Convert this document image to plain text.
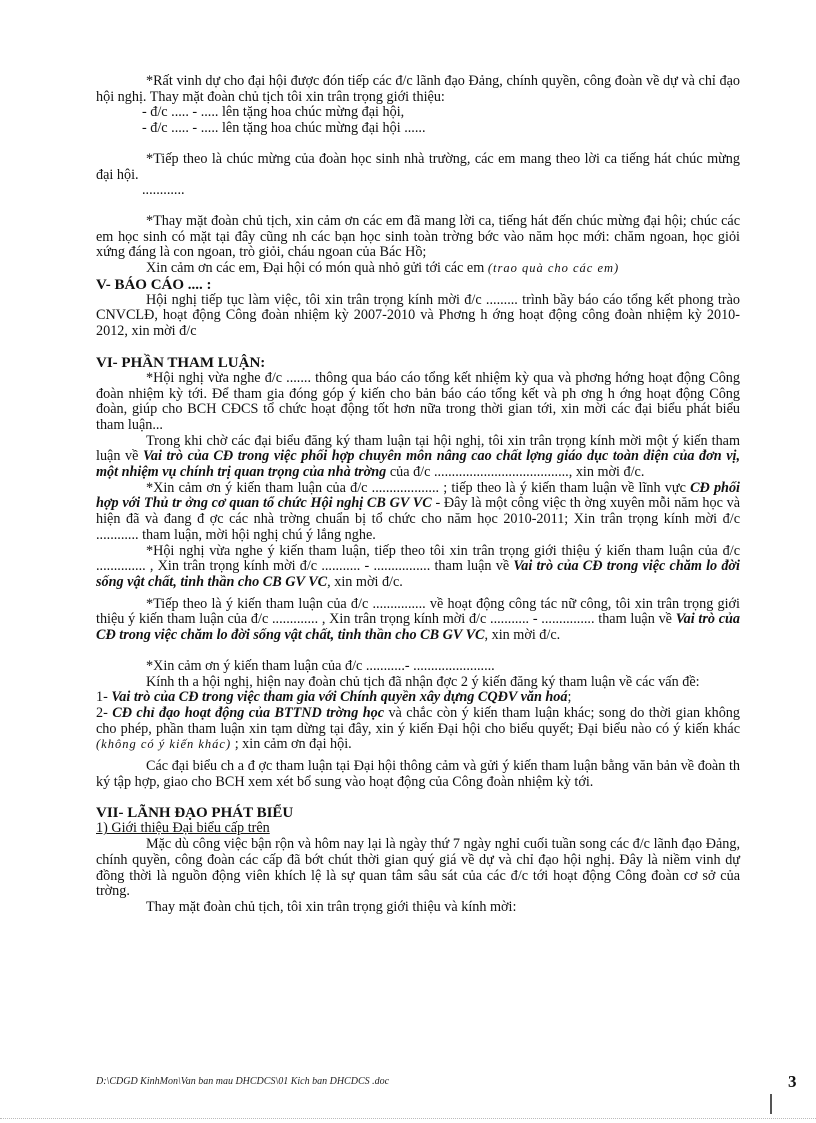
*Rất vinh dự cho đại hội được đón tiếp các đ/c lãnh đạo Đảng, chính quyền, công đoàn về dự và chỉ đạo hội nghị. Thay mặt đoàn chủ tịch tôi xin trân trọng giới thiệu:

- đ/c ..... - ..... lên tặng hoa chúc mừng đại hội,

- đ/c ..... - ..... lên tặng hoa chúc mừng đại hội ......

*Tiếp theo là chúc mừng của đoàn học sinh nhà trường, các em mang theo lời ca tiếng hát chúc mừng đại hội.

............

*Thay mặt đoàn chủ tịch, xin cảm ơn các em đã mang lời ca, tiếng hát đến chúc mừng đại hội; chúc các em học sinh có mặt tại đây cũng nh các bạn học sinh toàn trờng bớc vào năm học mới: chăm ngoan, học giỏi xứng đáng là con ngoan, trò giỏi, cháu ngoan của Bác Hồ;

Xin cảm ơn các em, Đại hội có món quà nhỏ gửi tới các em (trao quà cho các em)

V- BÁO CÁO .... :

Hội nghị tiếp tục làm việc, tôi xin trân trọng kính mời đ/c ......... trình bầy báo cáo tổng kết phong trào CNVCLĐ, hoạt động Công đoàn nhiệm kỳ 2007-2010 và Phơng h ớng hoạt động công đoàn nhiệm kỳ 2010-2012, xin mời đ/c

VI- PHẦN THAM LUẬN:

*Hội nghị vừa nghe đ/c ....... thông qua báo cáo tổng kết nhiệm kỳ qua và phơng hớng hoạt động Công đoàn nhiệm kỳ tới. Để tham gia đóng góp ý kiến cho bản báo cáo tổng kết và ph ơng h ớng hoạt động Công đoàn, giúp cho BCH CĐCS tổ chức hoạt động tốt hơn nữa trong thời gian tới, xin mời các đại biểu phát biểu tham luận...

Trong khi chờ các đại biểu đăng ký tham luận tại hội nghị, tôi xin trân trọng kính mời một ý kiến tham luận về Vai trò của CĐ trong việc phối hợp chuyên môn nâng cao chất lợng giáo dục toàn diện của đơn vị, một nhiệm vụ chính trị quan trọng của nhà trờng của đ/c ......................................, xin mời đ/c.

*Xin cảm ơn ý kiến tham luận của đ/c ................... ; tiếp theo là ý kiến tham luận về lĩnh vực CĐ phối hợp với Thủ tr ởng cơ quan tổ chức Hội nghị CB GV VC - Đây là một công việc th ờng xuyên mỗi năm học và hiện đã và đang đ ợc các nhà trờng chuẩn bị tổ chức cho năm học 2010-2011; Xin trân trọng kính mời đ/c ............ tham luận, mời hội nghị chú ý lắng nghe.

*Hội nghị vừa nghe ý kiến tham luận, tiếp theo tôi xin trân trọng giới thiệu ý kiến tham luận của đ/c .............. , Xin trân trọng kính mời đ/c ........... - ................ tham luận về Vai trò của CĐ trong việc chăm lo đời sống vật chất, tinh thần cho CB GV VC, xin mời đ/c.

*Tiếp theo là ý kiến tham luận của đ/c ............... về hoạt động công tác nữ công, tôi xin trân trọng giới thiệu ý kiến tham luận của đ/c ............. , Xin trân trọng kính mời đ/c ........... - ............... tham luận về Vai trò của CĐ trong việc chăm lo đời sống vật chất, tinh thần cho CB GV VC, xin mời đ/c.

*Xin cảm ơn ý kiến tham luận của đ/c ...........- .......................

Kính th a hội nghị, hiện nay đoàn chủ tịch đã nhận đợc 2 ý kiến đăng ký tham luận về các vấn đề:

1- Vai trò của CĐ trong việc tham gia với Chính quyền xây dựng CQĐV văn hoá;

2- CĐ chỉ đạo hoạt động của BTTND trờng học và chắc còn ý kiến tham luận khác; song do thời gian không cho phép, phần tham luận xin tạm dừng tại đây, xin ý kiến Đại hội cho biểu quyết; Đại biểu nào có ý kiến khác (không có ý kiến khác) ; xin cảm ơn đại hội.

Các đại biểu ch a đ ợc tham luận tại Đại hội thông cảm và gửi ý kiến tham luận bằng văn bản về đoàn th ký tập hợp, giao cho BCH xem xét bổ sung vào hoạt động của Công đoàn nhiệm kỳ tới.

VII- LÃNH ĐẠO PHÁT BIỂU

1) Giới thiệu Đại biểu cấp trên

Mặc dù công việc bận rộn và hôm nay lại là ngày thứ 7 ngày nghỉ cuối tuần song các đ/c lãnh đạo Đảng, chính quyền, công đoàn các cấp đã bớt chút thời gian quý giá về dự và chỉ đạo hội nghị. Đây là niềm vinh dự đồng thời là nguồn động viên khích lệ là sự quan tâm sâu sát của các đ/c tới hoạt động Công đoàn cơ sở của trờng.

Thay mặt đoàn chủ tịch, tôi xin trân trọng giới thiệu và kính mời:

D:\CDGD KinhMon\Van ban mau DHCDCS\01 Kich ban DHCDCS .doc	3
